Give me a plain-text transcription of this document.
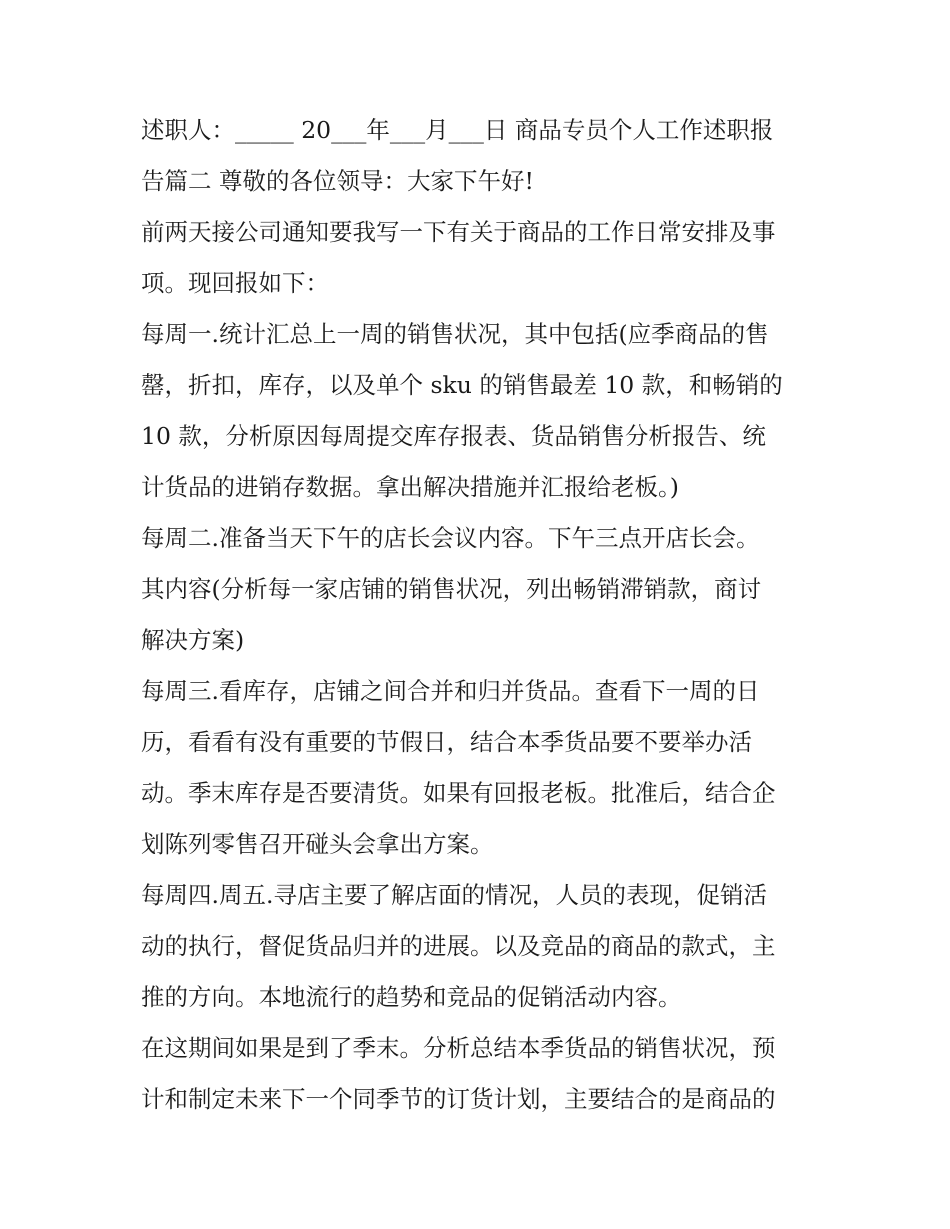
述职人：_____ 20___年___月___日 商品专员个人工作述职报
告篇二 尊敬的各位领导：大家下午好!
前两天接公司通知要我写一下有关于商品的工作日常安排及事
项。现回报如下：
每周一.统计汇总上一周的销售状况，其中包括(应季商品的售
罄，折扣，库存，以及单个 sku 的销售最差 10 款，和畅销的
10 款，分析原因每周提交库存报表、货品销售分析报告、统
计货品的进销存数据。拿出解决措施并汇报给老板。)
每周二.准备当天下午的店长会议内容。下午三点开店长会。
其内容(分析每一家店铺的销售状况，列出畅销滞销款，商讨
解决方案)
每周三.看库存，店铺之间合并和归并货品。查看下一周的日
历，看看有没有重要的节假日，结合本季货品要不要举办活
动。季末库存是否要清货。如果有回报老板。批准后，结合企
划陈列零售召开碰头会拿出方案。
每周四.周五.寻店主要了解店面的情况，人员的表现，促销活
动的执行，督促货品归并的进展。以及竞品的商品的款式，主
推的方向。本地流行的趋势和竞品的促销活动内容。
在这期间如果是到了季末。分析总结本季货品的销售状况，预
计和制定未来下一个同季节的订货计划，主要结合的是商品的
